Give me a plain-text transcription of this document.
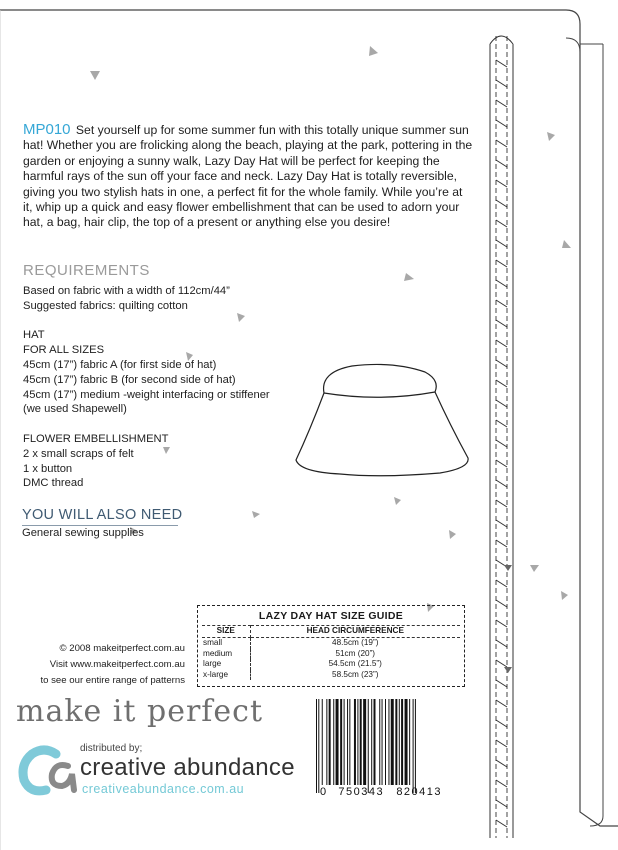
MP010 Set yourself up for some summer fun with this totally unique summer sun hat! Whether you are frolicking along the beach, playing at the park, pottering in the garden or enjoying a sunny walk, Lazy Day Hat will be perfect for keeping the harmful rays of the sun off your face and neck. Lazy Day Hat is totally reversible, giving you two stylish hats in one, a perfect fit for the whole family. While you’re at it, whip up a quick and easy flower embellishment that can be used to adorn your hat, a bag, hair clip, the top of a present or anything else you desire!
REQUIREMENTS
Based on fabric with a width of 112cm/44”
Suggested fabrics: quilting cotton
HAT
FOR ALL SIZES
45cm (17”) fabric A (for first side of hat)
45cm (17”) fabric B (for second side of hat)
45cm (17”) medium -weight interfacing or stiffener
(we used Shapewell)
FLOWER EMBELLISHMENT
2 x small scraps of felt
1 x button
DMC thread
YOU WILL ALSO NEED
General sewing supplies
© 2008 makeitperfect.com.au
Visit www.makeitperfect.com.au
to see our entire range of patterns
LAZY DAY HAT SIZE GUIDE
SIZE	HEAD CIRCUMFERENCE
small	48.5cm (19”)
medium	51cm (20”)
large	54.5cm (21.5”)
x-large	58.5cm (23”)
make it perfect
distributed by;
creative abundance
creativeabundance.com.au	0 750343 820413
